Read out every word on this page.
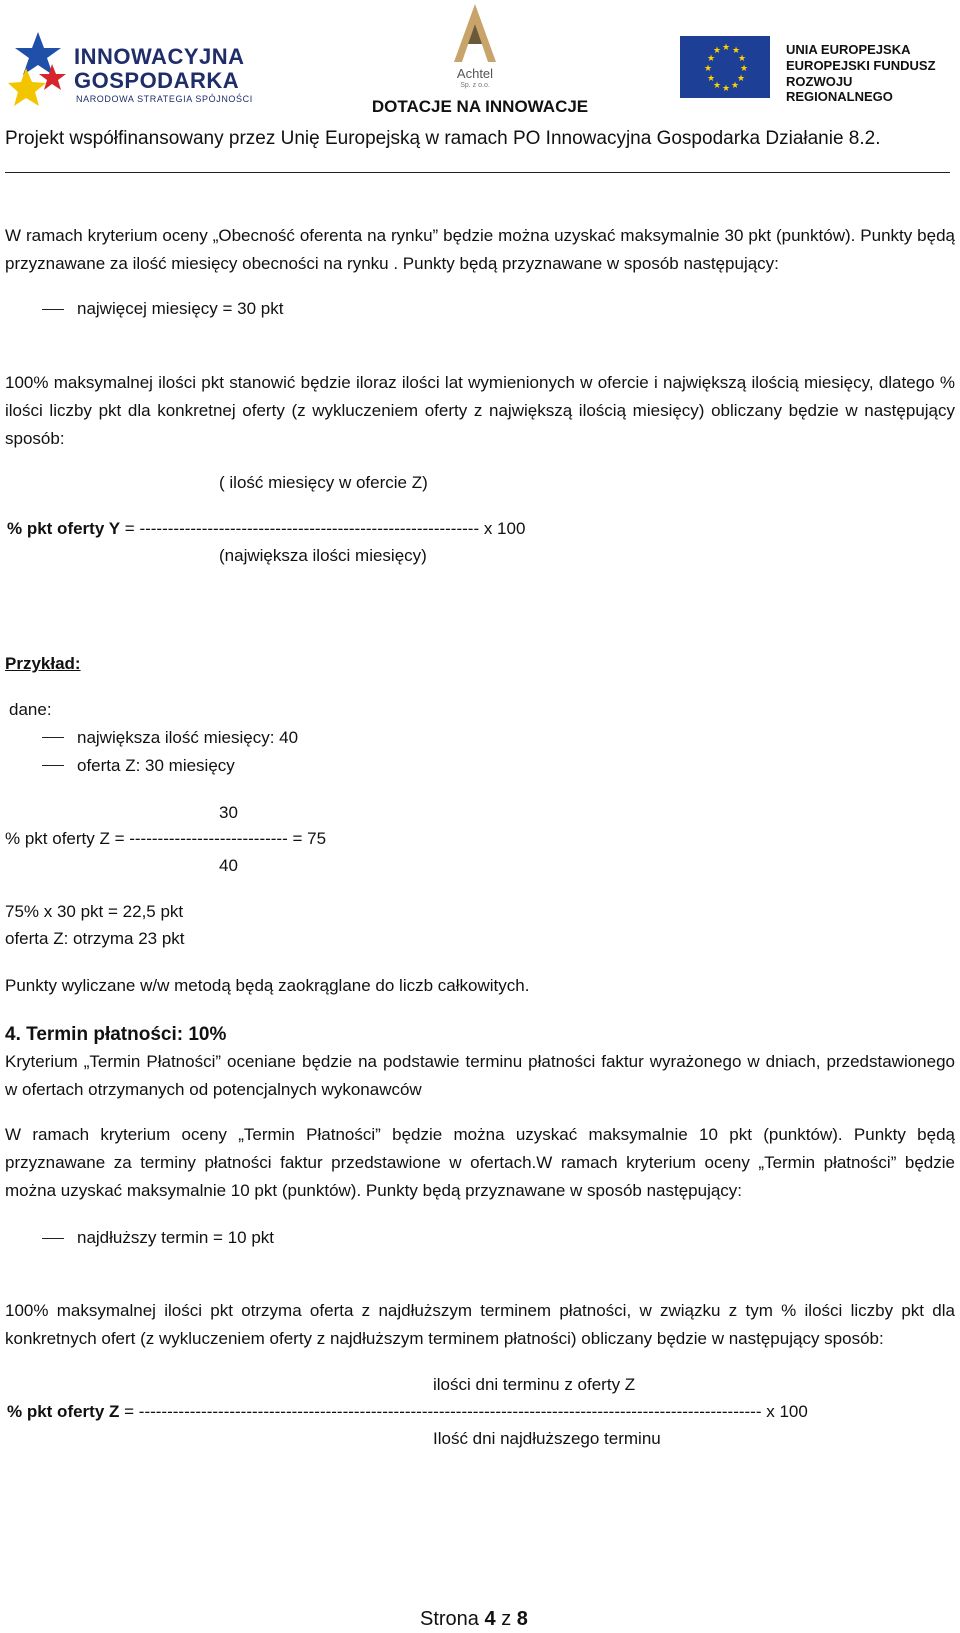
INNOWACYJNA
GOSPODARKA
NARODOWA STRATEGIA SPÓJNOŚCI
Achtel
Sp. z o.o.
DOTACJE NA INNOWACJE
★ ★
★
★
★
★
★
★
★
★
★
★	UNIA EUROPEJSKA
EUROPEJSKI FUNDUSZ
ROZWOJU REGIONALNEGO
Projekt współfinansowany przez Unię Europejską w ramach PO Innowacyjna Gospodarka Działanie 8.2.
W ramach kryterium oceny „Obecność oferenta na rynku” będzie można uzyskać maksymalnie 30 pkt (punktów). Punkty będą przyznawane za ilość miesięcy obecności na rynku . Punkty będą przyznawane w sposób następujący:
najwięcej miesięcy = 30 pkt
100% maksymalnej ilości pkt stanowić będzie iloraz ilości lat wymienionych w ofercie i największą ilością miesięcy, dlatego % ilości liczby pkt dla konkretnej oferty (z wykluczeniem oferty z największą ilością miesięcy) obliczany będzie w następujący sposób:
( ilość miesięcy w ofercie Z)
% pkt oferty Y = ------------------------------------------------------------ x 100
(największa ilości miesięcy)
Przykład:
dane:
największa ilość miesięcy: 40
oferta Z: 30 miesięcy
30
% pkt oferty Z = ---------------------------- = 75
40
75% x 30 pkt = 22,5 pkt
oferta Z: otrzyma 23 pkt
Punkty wyliczane w/w metodą będą zaokrąglane do liczb całkowitych.
4. Termin płatności: 10%
Kryterium „Termin Płatności” oceniane będzie na podstawie terminu płatności faktur wyrażonego w dniach, przedstawionego w ofertach otrzymanych od potencjalnych wykonawców
W ramach kryterium oceny „Termin Płatności” będzie można uzyskać maksymalnie 10 pkt (punktów). Punkty będą przyznawane za terminy płatności faktur przedstawione w ofertach.W ramach kryterium oceny „Termin płatności” będzie można uzyskać maksymalnie 10 pkt (punktów). Punkty będą przyznawane w sposób następujący:
najdłuższy termin = 10 pkt
100% maksymalnej ilości pkt otrzyma oferta z najdłuższym terminem płatności, w związku z tym % ilości liczby pkt dla konkretnych ofert (z wykluczeniem oferty z najdłuższym terminem płatności) obliczany będzie w następujący sposób:
ilości dni terminu z oferty Z
% pkt oferty Z = -------------------------------------------------------------------------------------------------------------- x 100
Ilość dni najdłuższego terminu
Strona 4 z 8
